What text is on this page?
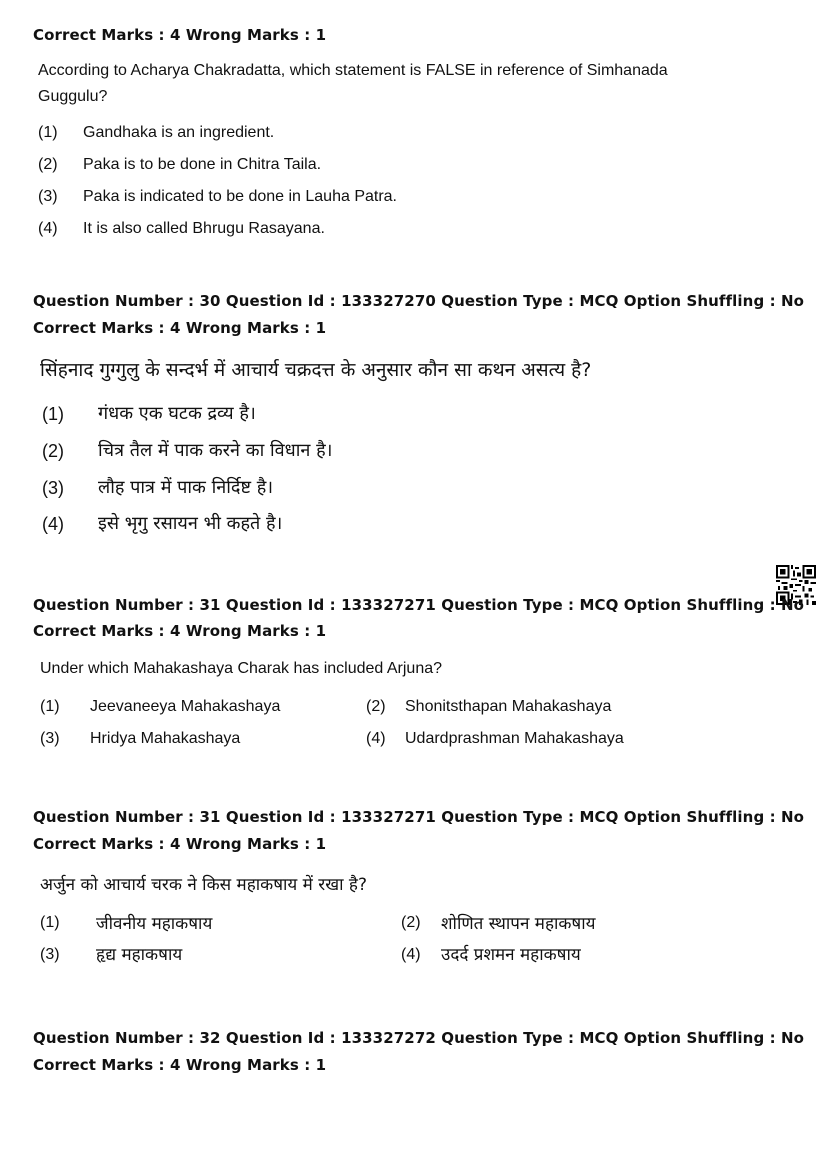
Correct Marks : 4 Wrong Marks : 1
According to Acharya Chakradatta, which statement is FALSE in reference of Simhanada
Guggulu?
(1) Gandhaka is an ingredient.
(2) Paka is to be done in Chitra Taila.
(3) Paka is indicated to be done in Lauha Patra.
(4) It is also called Bhrugu Rasayana.
Question Number : 30 Question Id : 133327270 Question Type : MCQ Option Shuffling : No
Correct Marks : 4 Wrong Marks : 1
सिंहनाद गुग्गुलु के सन्दर्भ में आचार्य चक्रदत्त के अनुसार कौन सा कथन असत्य है?
(1) गंधक एक घटक द्रव्य है।
(2) चित्र तैल में पाक करने का विधान है।
(3) लौह पात्र में पाक निर्दिष्ट है।
(4) इसे भृगु रसायन भी कहते है।
Question Number : 31 Question Id : 133327271 Question Type : MCQ Option Shuffling : No
Correct Marks : 4 Wrong Marks : 1
Under which Mahakashaya Charak has included Arjuna?
(1) Jeevaneeya Mahakashaya	(2) Shonitsthapan Mahakashaya
(3) Hridya Mahakashaya	(4) Udardprashman Mahakashaya
Question Number : 31 Question Id : 133327271 Question Type : MCQ Option Shuffling : No
Correct Marks : 4 Wrong Marks : 1
अर्जुन को आचार्य चरक ने किस महाकषाय में रखा है?
(1) जीवनीय महाकषाय	(2) शोणित स्थापन महाकषाय
(3) हृद्य महाकषाय	(4) उदर्द प्रशमन महाकषाय
Question Number : 32 Question Id : 133327272 Question Type : MCQ Option Shuffling : No
Correct Marks : 4 Wrong Marks : 1
